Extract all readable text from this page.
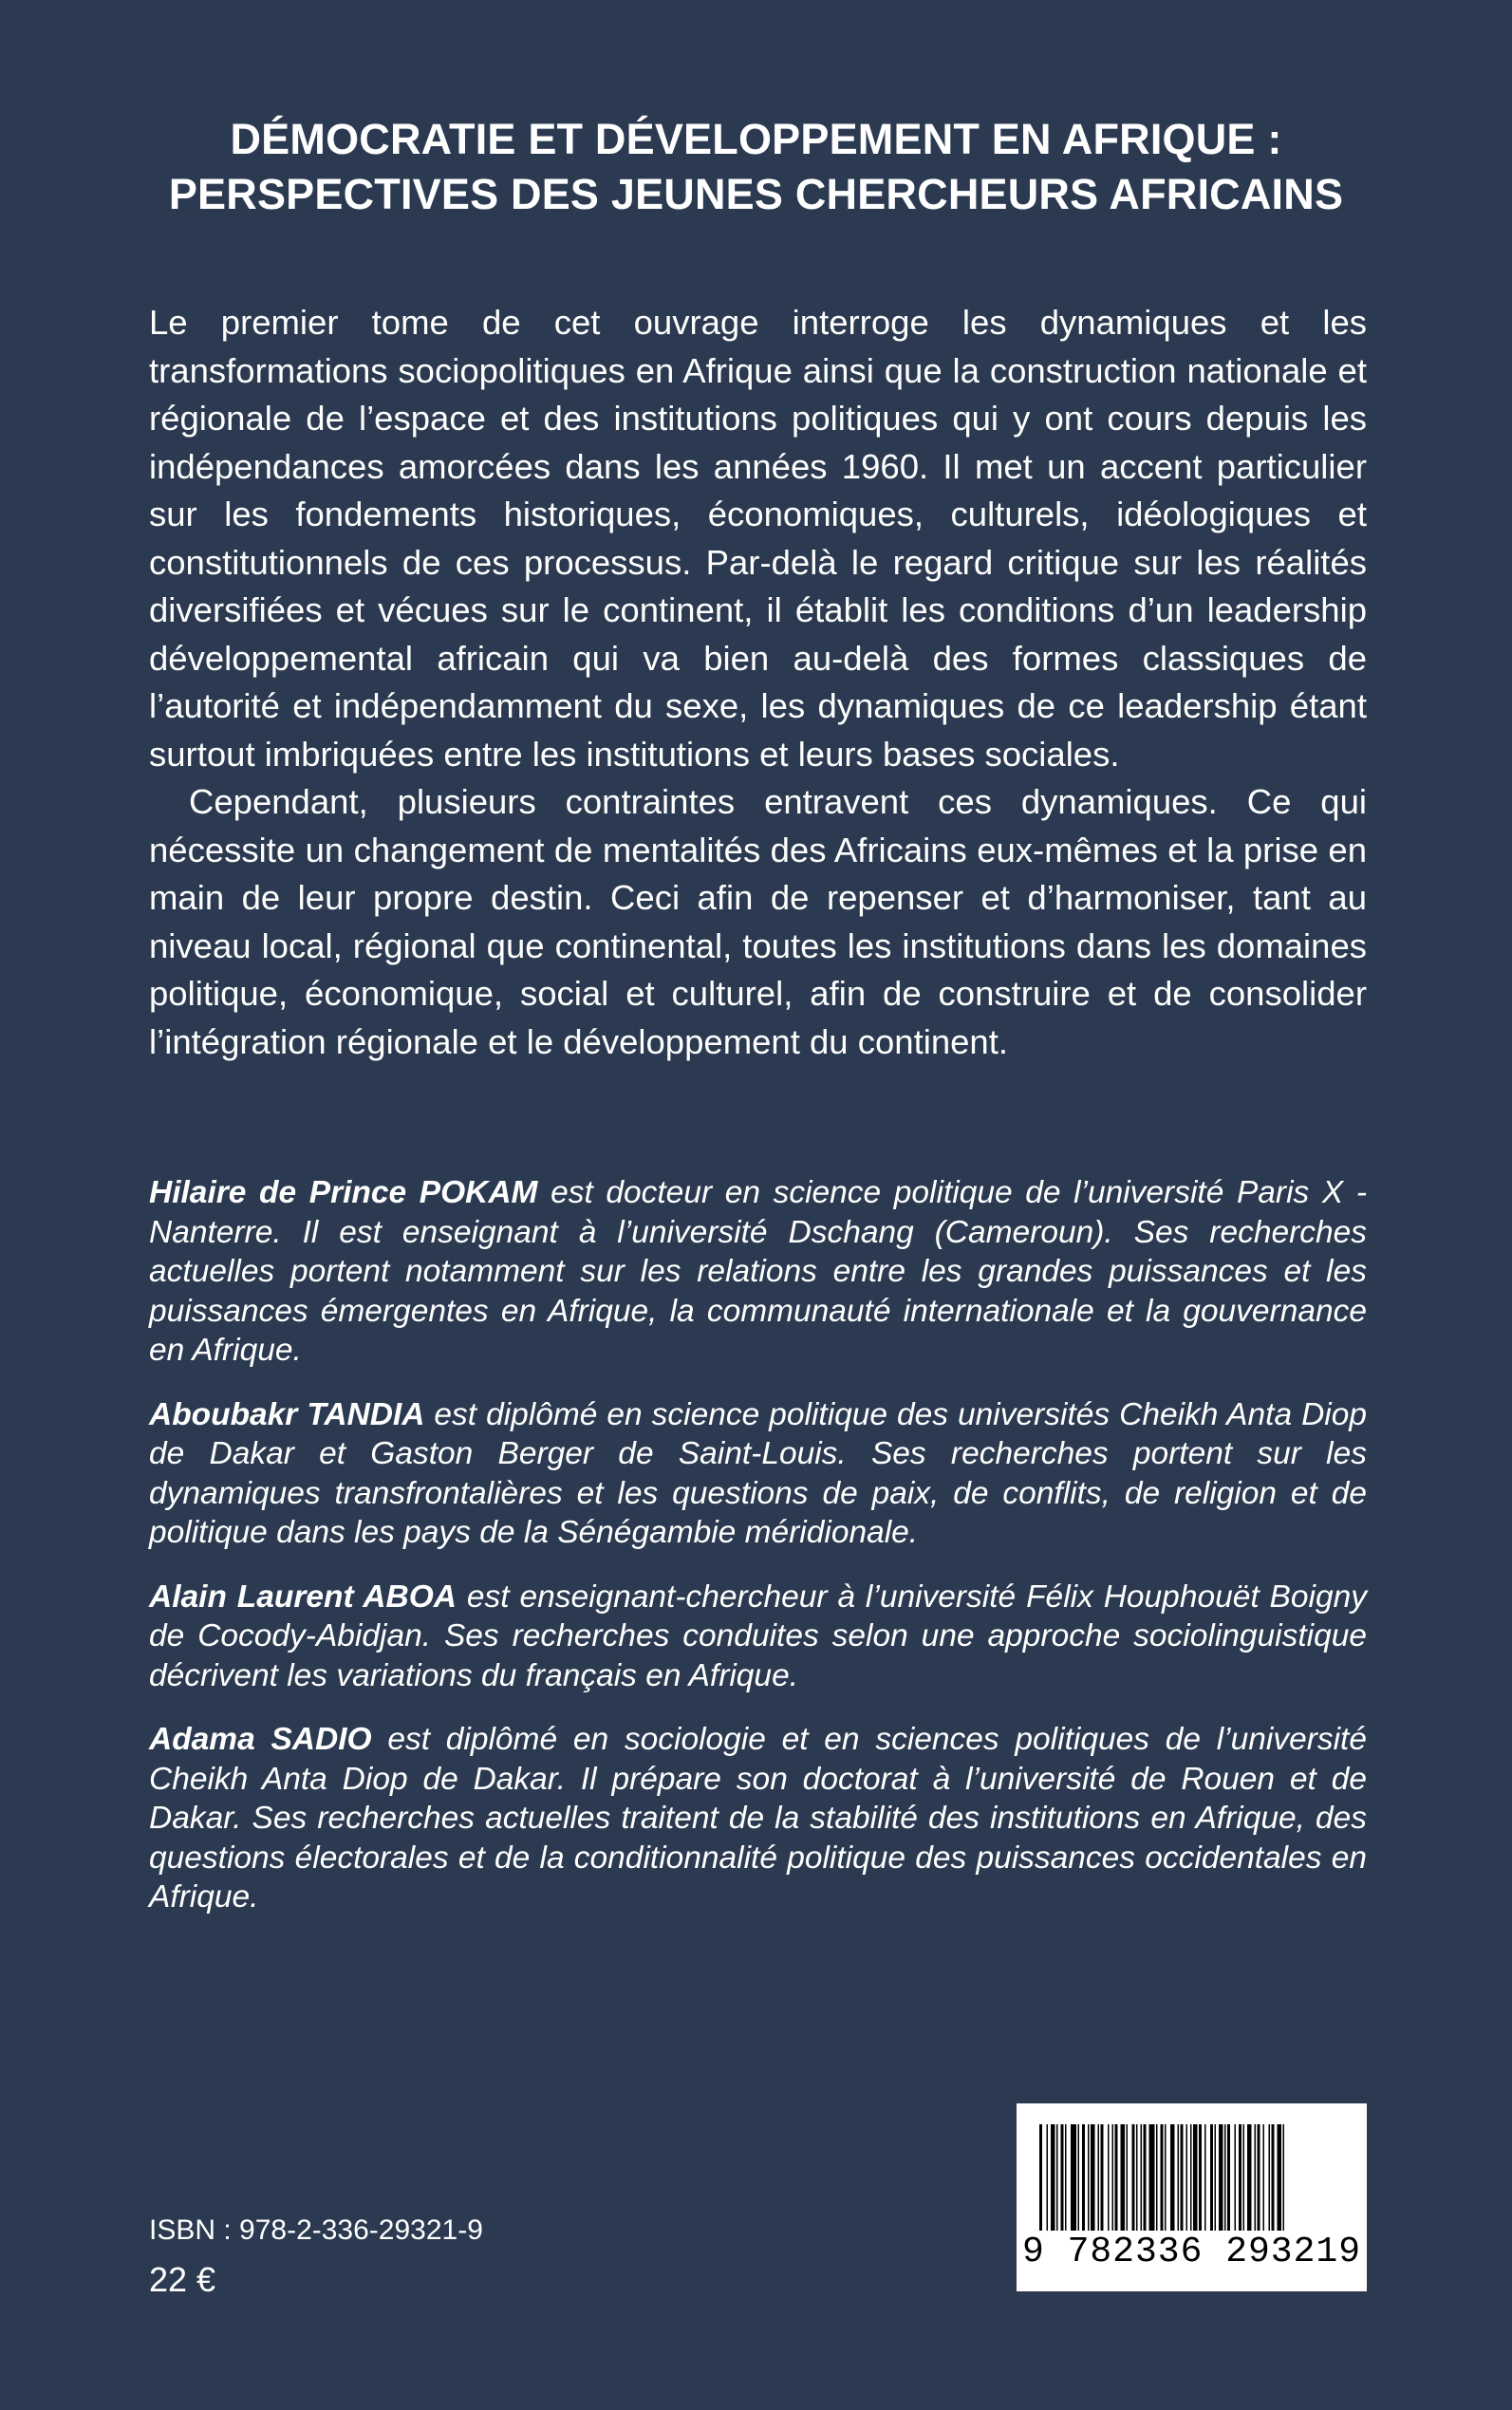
DÉMOCRATIE ET DÉVELOPPEMENT EN AFRIQUE :
PERSPECTIVES DES JEUNES CHERCHEURS AFRICAINS

Le premier tome de cet ouvrage interroge les dynamiques et les transformations sociopolitiques en Afrique ainsi que la construction nationale et régionale de l’espace et des institutions politiques qui y ont cours depuis les indépendances amorcées dans les années 1960. Il met un accent particulier sur les fondements historiques, économiques, culturels, idéologiques et constitutionnels de ces processus. Par-delà le regard critique sur les réalités diversifiées et vécues sur le continent, il établit les conditions d’un leadership développemental africain qui va bien au-delà des formes classiques de l’autorité et indépendamment du sexe, les dynamiques de ce leadership étant surtout imbriquées entre les institutions et leurs bases sociales.

Cependant, plusieurs contraintes entravent ces dynamiques. Ce qui nécessite un changement de mentalités des Africains eux-mêmes et la prise en main de leur propre destin. Ceci afin de repenser et d’harmoniser, tant au niveau local, régional que continental, toutes les institutions dans les domaines politique, économique, social et culturel, afin de construire et de consolider l’intégration régionale et le développement du continent.

Hilaire de Prince POKAM est docteur en science politique de l’université Paris X - Nanterre. Il est enseignant à l’université Dschang (Cameroun). Ses recherches actuelles portent notamment sur les relations entre les grandes puissances et les puissances émergentes en Afrique, la communauté internationale et la gouvernance en Afrique.

Aboubakr TANDIA est diplômé en science politique des universités Cheikh Anta Diop de Dakar et Gaston Berger de Saint-Louis. Ses recherches portent sur les dynamiques transfrontalières et les questions de paix, de conflits, de religion et de politique dans les pays de la Sénégambie méridionale.

Alain Laurent ABOA est enseignant-chercheur à l’université Félix Houphouët Boigny de Cocody-Abidjan. Ses recherches conduites selon une approche sociolinguistique décrivent les variations du français en Afrique.

Adama SADIO est diplômé en sociologie et en sciences politiques de l’université Cheikh Anta Diop de Dakar. Il prépare son doctorat à l’université de Rouen et de Dakar. Ses recherches actuelles traitent de la stabilité des institutions en Afrique, des questions électorales et de la conditionnalité politique des puissances occidentales en Afrique.

ISBN : 978-2-336-29321-9

22 €

9 782336 293219
